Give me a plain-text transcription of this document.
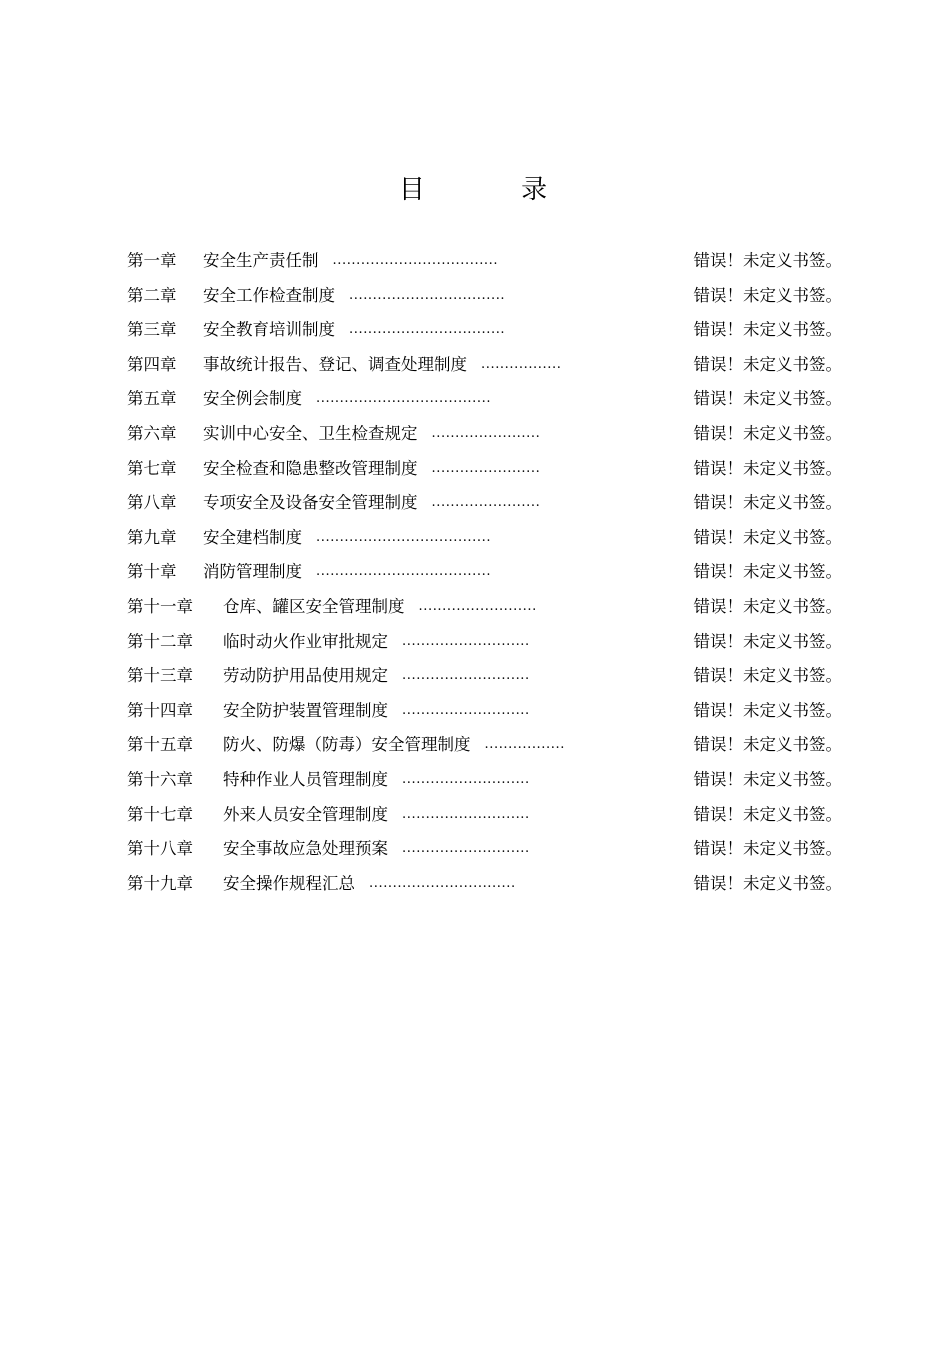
目 录
第一章 安全生产责任制 ...................................	错误！未定义书签。
第二章 安全工作检查制度 .................................	错误！未定义书签。
第三章 安全教育培训制度 .................................	错误！未定义书签。
第四章 事故统计报告、登记、调查处理制度 .................	错误！未定义书签。
第五章 安全例会制度 .....................................	错误！未定义书签。
第六章 实训中心安全、卫生检查规定 .......................	错误！未定义书签。
第七章 安全检查和隐患整改管理制度 .......................	错误！未定义书签。
第八章 专项安全及设备安全管理制度 .......................	错误！未定义书签。
第九章 安全建档制度 .....................................	错误！未定义书签。
第十章 消防管理制度 .....................................	错误！未定义书签。
第十一章 仓库、罐区安全管理制度 .........................	错误！未定义书签。
第十二章 临时动火作业审批规定 ...........................	错误！未定义书签。
第十三章 劳动防护用品使用规定 ...........................	错误！未定义书签。
第十四章 安全防护装置管理制度 ...........................	错误！未定义书签。
第十五章 防火、防爆（防毒）安全管理制度 .................	错误！未定义书签。
第十六章 特种作业人员管理制度 ...........................	错误！未定义书签。
第十七章 外来人员安全管理制度 ...........................	错误！未定义书签。
第十八章 安全事故应急处理预案 ...........................	错误！未定义书签。
第十九章 安全操作规程汇总 ...............................	错误！未定义书签。
